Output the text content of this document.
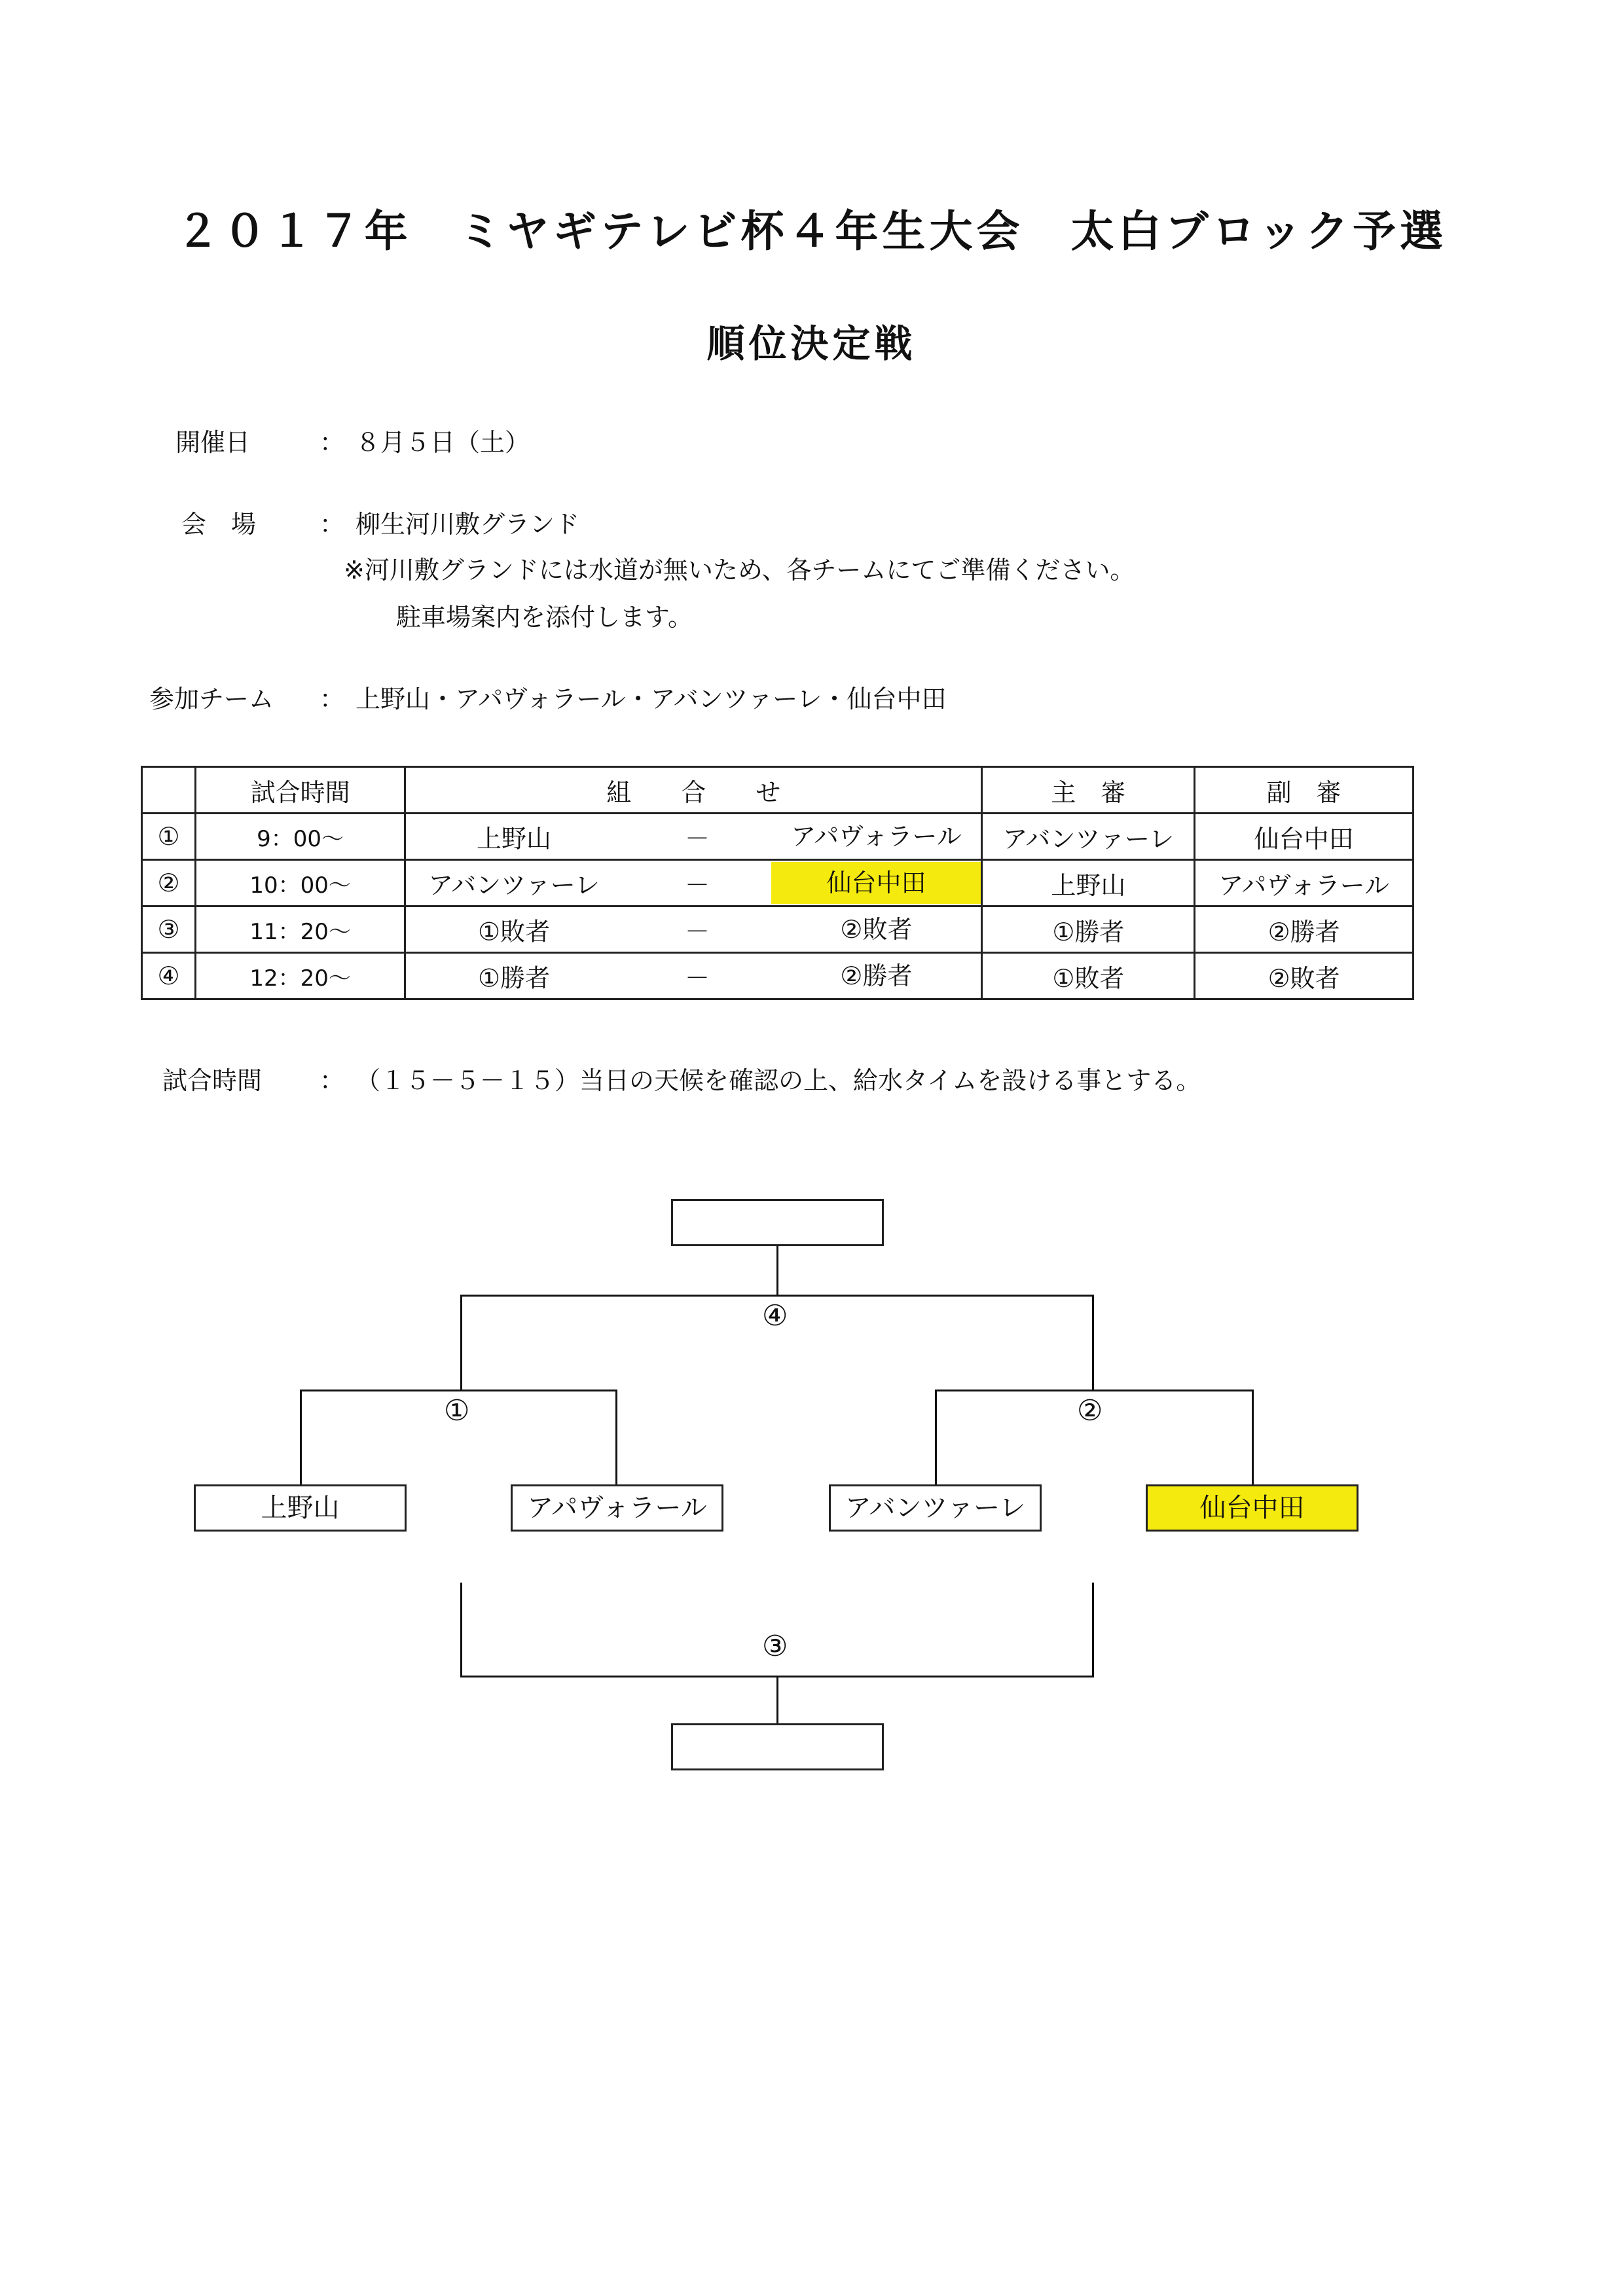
２０１７年　ミヤギテレビ杯４年生大会　太白ブロック予選
順位決定戦
開催日	： ８月５日（土）
会　場	： 柳生河川敷グランド
※河川敷グランドには水道が無いため、各チームにてご準備ください。
駐車場案内を添付します。
参加チーム ： 上野山・アパヴォラール・アバンツァーレ・仙台中田
	試合時間	組　　合　　せ	主　審	副　審
①	9：00～	上野山 － アパヴォラール	アバンツァーレ	仙台中田
②	10：00～	アバンツァーレ － 仙台中田	上野山	アパヴォラール
③	11：20～	①敗者 － ②敗者	①勝者	②勝者
④	12：20～	①勝者 － ②勝者	①敗者	②敗者
試合時間 ： （１５－５－１５）当日の天候を確認の上、給水タイムを設ける事とする。
④
①	②
上野山	アパヴォラール	アバンツァーレ	仙台中田
③
